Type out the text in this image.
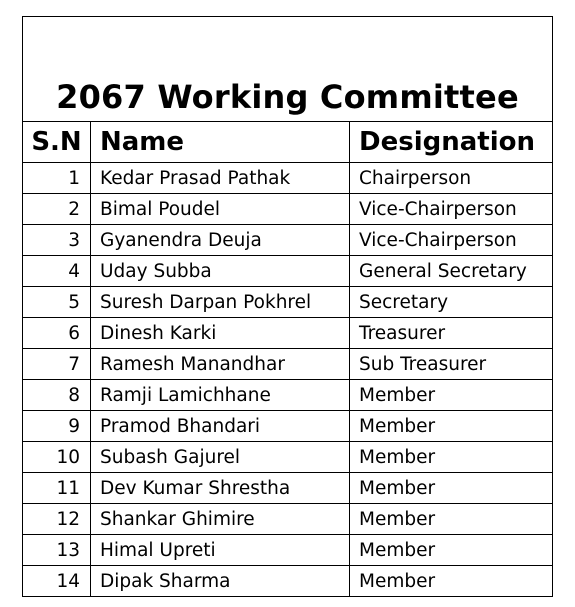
2067 Working Committee		
S.N	Name	Designation
1	Kedar Prasad Pathak	Chairperson
2	Bimal Poudel	Vice-Chairperson
3	Gyanendra Deuja	Vice-Chairperson
4	Uday Subba	General Secretary
5	Suresh Darpan Pokhrel	Secretary
6	Dinesh Karki	Treasurer
7	Ramesh Manandhar	Sub Treasurer
8	Ramji Lamichhane	Member
9	Pramod Bhandari	Member
10	Subash Gajurel	Member
11	Dev Kumar Shrestha	Member
12	Shankar Ghimire	Member
13	Himal Upreti	Member
14	Dipak Sharma	Member
